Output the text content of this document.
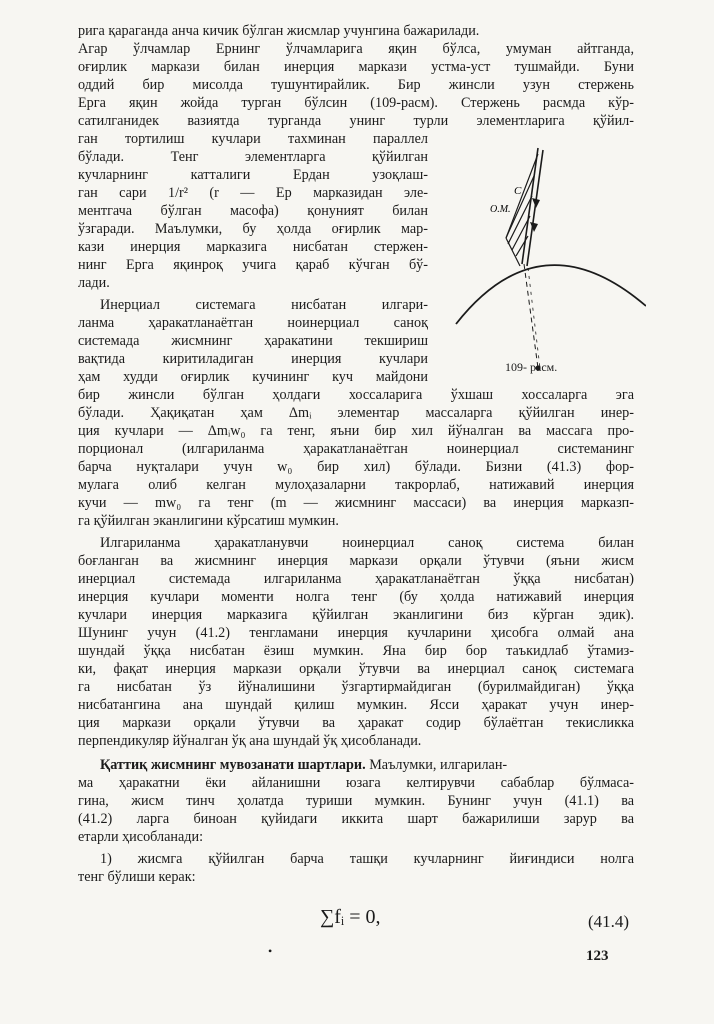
рига қараганда анча кичик бўлган жисмлар учунгина бажарилади.
Агар ўлчамлар Ернинг ўлчамларига яқин бўлса, умуман айтганда,
оғирлик маркази билан инерция маркази устма-уст тушмайди. Буни
оддий бир мисолда тушунтирайлик. Бир жинсли узун стержень
Ерга яқин жойда турган бўлсин (109-расм). Стержень расмда кўр-
сатилганидек вазиятда турганда унинг турли элементларига қўйил-
ган тортилиш кучлари тахминан параллел
бўлади. Тенг элементларга қўйилган
кучларнинг катталиги Ердан узоқлаш-
ган сари 1/r² (r — Ер марказидан эле-
ментгача бўлган масофа) қонуният билан
ўзгаради. Маълумки, бу ҳолда оғирлик мар-
кази инерция марказига нисбатан стержен-
нинг Ерга яқинроқ учига қараб кўчган бў-
лади.
Инерциал системага нисбатан илгари-
ланма ҳаракатланаётган ноинерциал саноқ
системада жисмнинг ҳаракатини текшириш
вақтида киритиладиган инерция кучлари
ҳам худди оғирлик кучининг куч майдони
бир жинсли бўлган ҳолдаги хоссаларига ўхшаш хоссаларга эга
бўлади. Ҳақиқатан ҳам Δmᵢ элементар массаларга қўйилган инер-
ция кучлари — Δmᵢw₀ га тенг, яъни бир хил йўналган ва массага про-
порционал (илгариланма ҳаракатланаётган ноинерциал системанинг
барча нуқталари учун w₀ бир хил) бўлади. Бизни (41.3) фор-
мулага олиб келган мулоҳазаларни такрорлаб, натижавий инерция
кучи — mw₀ га тенг (m — жисмнинг массаси) ва инерция марказп-
га қўйилган эканлигини кўрсатиш мумкин.
Илгариланма ҳаракатланувчи ноинерциал саноқ система билан
боғланган ва жисмнинг инерция маркази орқали ўтувчи (яъни жисм
инерциал системада илгариланма ҳаракатланаётган ўққа нисбатан)
инерция кучлари моменти нолга тенг (бу ҳолда натижавий инерция
кучлари инерция марказига қўйилган эканлигини биз кўрган эдик).
Шунинг учун (41.2) тенгламани инерция кучларини ҳисобга олмай ана
шундай ўққа нисбатан ёзиш мумкин. Яна бир бор таъкидлаб ўтамиз-
ки, фақат инерция маркази орқали ўтувчи ва инерциал саноқ системага
га нисбатан ўз йўналишини ўзгартирмайдиган (бурилмайдиган) ўққа
нисбатангина ана шундай қилиш мумкин. Ясси ҳаракат учун инер-
ция маркази орқали ўтувчи ва ҳаракат содир бўлаётган текисликка
перпендикуляр йўналган ўқ ана шундай ўқ ҳисобланади.
Қаттиқ жисмнинг мувозанати шартлари. Маълумки, илгарилан-
ма ҳаракатни ёки айланишни юзага келтирувчи сабаблар бўлмаса-
гина, жисм тинч ҳолатда туриши мумкин. Бунинг учун (41.1) ва
(41.2) ларга биноан қуйидаги иккита шарт бажарилиши зарур ва
етарли ҳисобланади:
1) жисмга қўйилган барча ташқи кучларнинг йиғиндиси нолга
тенг бўлиши керак:
C
О.М.
109- расм.
•
∑fᵢ = 0,	(41.4)
123
